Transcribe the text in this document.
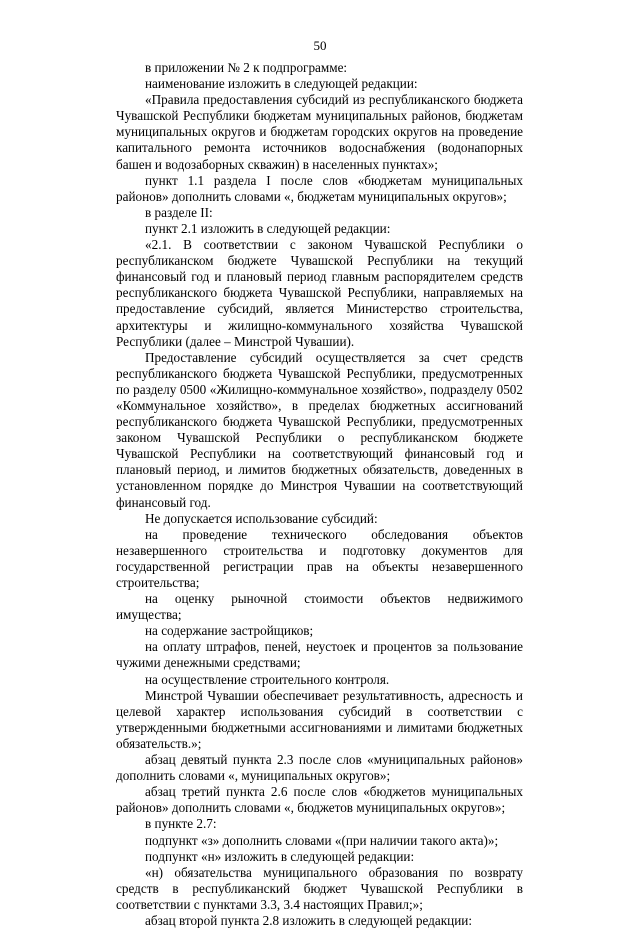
50

в приложении № 2 к подпрограмме:

наименование изложить в следующей редакции:

«Правила предоставления субсидий из республиканского бюджета Чувашской Республики бюджетам муниципальных районов, бюджетам муниципальных округов и бюджетам городских округов на проведение капитального ремонта источников водоснабжения (водонапорных башен и водозаборных скважин) в населенных пунктах»;

пункт 1.1 раздела I после слов «бюджетам муниципальных районов» дополнить словами «, бюджетам муниципальных округов»;

в разделе II:

пункт 2.1 изложить в следующей редакции:

«2.1. В соответствии с законом Чувашской Республики о республиканском бюджете Чувашской Республики на текущий финансовый год и плановый период главным распорядителем средств республиканского бюджета Чувашской Республики, направляемых на предоставление субсидий, является Министерство строительства, архитектуры и жилищно-коммунального хозяйства Чувашской Республики (далее – Минстрой Чувашии).

Предоставление субсидий осуществляется за счет средств республиканского бюджета Чувашской Республики, предусмотренных по разделу 0500 «Жилищно-коммунальное хозяйство», подразделу 0502 «Коммунальное хозяйство», в пределах бюджетных ассигнований республиканского бюджета Чувашской Республики, предусмотренных законом Чувашской Республики о республиканском бюджете Чувашской Республики на соответствующий финансовый год и плановый период, и лимитов бюджетных обязательств, доведенных в установленном порядке до Минстроя Чувашии на соответствующий финансовый год.

Не допускается использование субсидий:

на проведение технического обследования объектов незавершенного строительства и подготовку документов для государственной регистрации прав на объекты незавершенного строительства;

на оценку рыночной стоимости объектов недвижимого имущества;

на содержание застройщиков;

на оплату штрафов, пеней, неустоек и процентов за пользование чужими денежными средствами;

на осуществление строительного контроля.

Минстрой Чувашии обеспечивает результативность, адресность и целевой характер использования субсидий в соответствии с утвержденными бюджетными ассигнованиями и лимитами бюджетных обязательств.»;

абзац девятый пункта 2.3 после слов «муниципальных районов» дополнить словами «, муниципальных округов»;

абзац третий пункта 2.6 после слов «бюджетов муниципальных районов» дополнить словами «, бюджетов муниципальных округов»;

в пункте 2.7:

подпункт «з» дополнить словами «(при наличии такого акта)»;

подпункт «н» изложить в следующей редакции:

«н) обязательства муниципального образования по возврату средств в республиканский бюджет Чувашской Республики в соответствии с пунктами 3.3, 3.4 настоящих Правил;»;

абзац второй пункта 2.8 изложить в следующей редакции:
